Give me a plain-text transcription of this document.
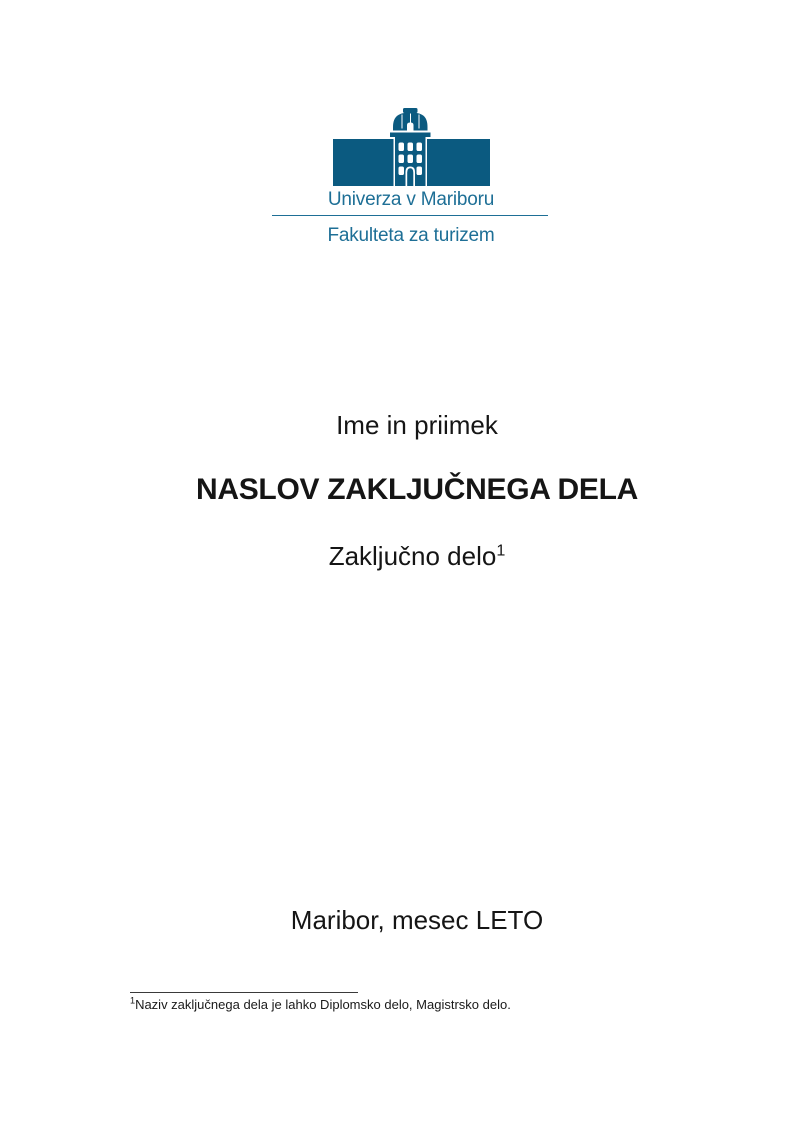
Univerza v Mariboru
Fakulteta za turizem
Ime in priimek
NASLOV ZAKLJUČNEGA DELA
Zaključno delo$^1$
Maribor, mesec LETO
$^1$Naziv zaključnega dela je lahko Diplomsko delo, Magistrsko delo.
